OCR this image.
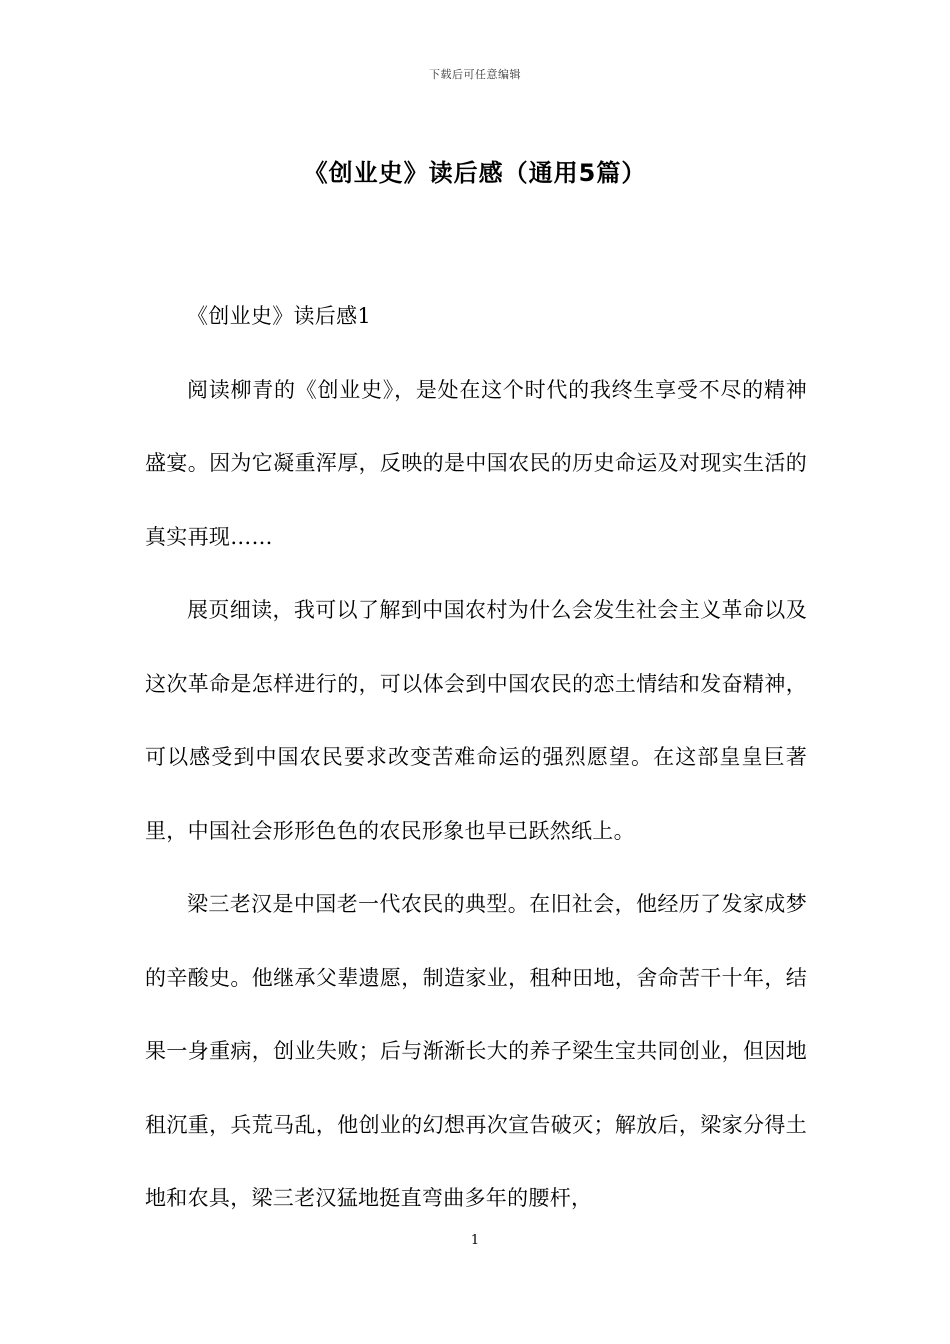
下载后可任意编辑
《创业史》读后感（通用5篇）

《创业史》读后感1

阅读柳青的《创业史》，是处在这个时代的我终生享受不尽的精神盛宴。因为它凝重浑厚，反映的是中国农民的历史命运及对现实生活的真实再现……

展页细读，我可以了解到中国农村为什么会发生社会主义革命以及这次革命是怎样进行的，可以体会到中国农民的恋土情结和发奋精神，可以感受到中国农民要求改变苦难命运的强烈愿望。在这部皇皇巨著里，中国社会形形色色的农民形象也早已跃然纸上。

梁三老汉是中国老一代农民的典型。在旧社会，他经历了发家成梦的辛酸史。他继承父辈遗愿，制造家业，租种田地，舍命苦干十年，结果一身重病，创业失败；后与渐渐长大的养子梁生宝共同创业，但因地租沉重，兵荒马乱，他创业的幻想再次宣告破灭；解放后，梁家分得土地和农具，梁三老汉猛地挺直弯曲多年的腰杆，

1
